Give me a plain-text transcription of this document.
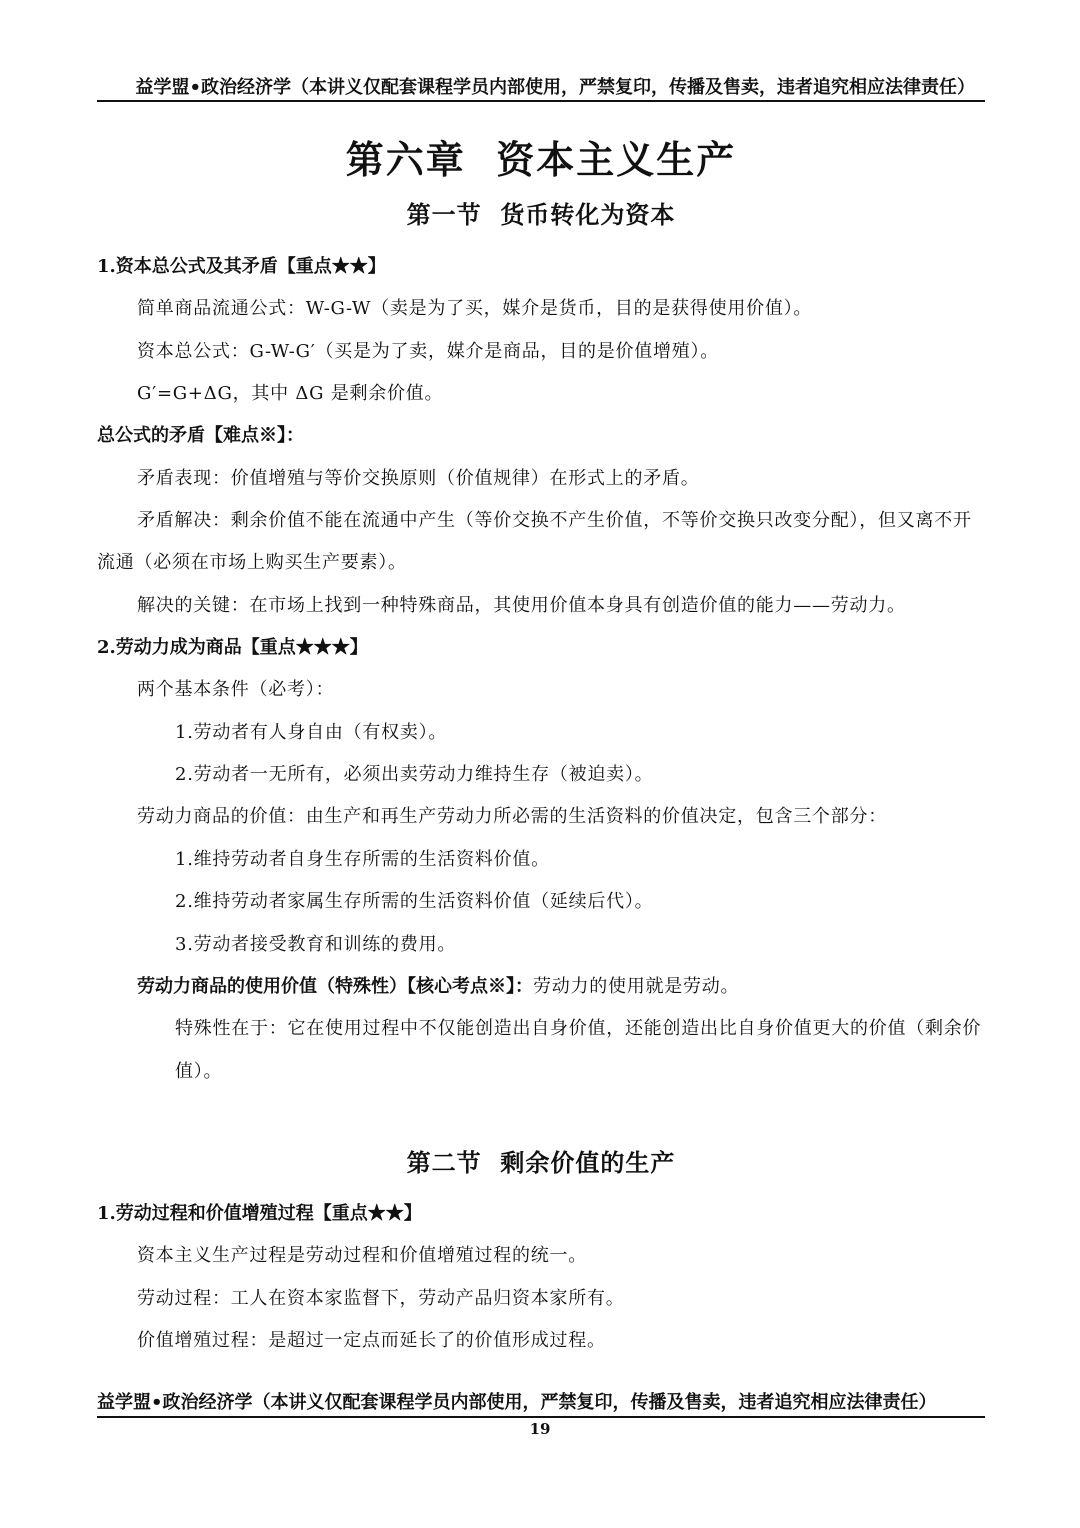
益学盟•政治经济学（本讲义仅配套课程学员内部使用，严禁复印，传播及售卖，违者追究相应法律责任）
第六章  资本主义生产
第一节  货币转化为资本
1.资本总公式及其矛盾【重点★★】
简单商品流通公式：W-G-W（卖是为了买，媒介是货币，目的是获得使用价值）。
资本总公式：G-W-G′（买是为了卖，媒介是商品，目的是价值增殖）。
G′=G+ΔG，其中 ΔG 是剩余价值。
总公式的矛盾【难点※】：
矛盾表现：价值增殖与等价交换原则（价值规律）在形式上的矛盾。
矛盾解决：剩余价值不能在流通中产生（等价交换不产生价值，不等价交换只改变分配），但又离不开
流通（必须在市场上购买生产要素）。
解决的关键：在市场上找到一种特殊商品，其使用价值本身具有创造价值的能力——劳动力。
2.劳动力成为商品【重点★★★】
两个基本条件（必考）：
1.劳动者有人身自由（有权卖）。
2.劳动者一无所有，必须出卖劳动力维持生存（被迫卖）。
劳动力商品的价值：由生产和再生产劳动力所必需的生活资料的价值决定，包含三个部分：
1.维持劳动者自身生存所需的生活资料价值。
2.维持劳动者家属生存所需的生活资料价值（延续后代）。
3.劳动者接受教育和训练的费用。
劳动力商品的使用价值（特殊性）【核心考点※】：劳动力的使用就是劳动。
特殊性在于：它在使用过程中不仅能创造出自身价值，还能创造出比自身价值更大的价值（剩余价
值）。
第二节  剩余价值的生产
1.劳动过程和价值增殖过程【重点★★】
资本主义生产过程是劳动过程和价值增殖过程的统一。
劳动过程：工人在资本家监督下，劳动产品归资本家所有。
价值增殖过程：是超过一定点而延长了的价值形成过程。
益学盟•政治经济学（本讲义仅配套课程学员内部使用，严禁复印，传播及售卖，违者追究相应法律责任）
19
